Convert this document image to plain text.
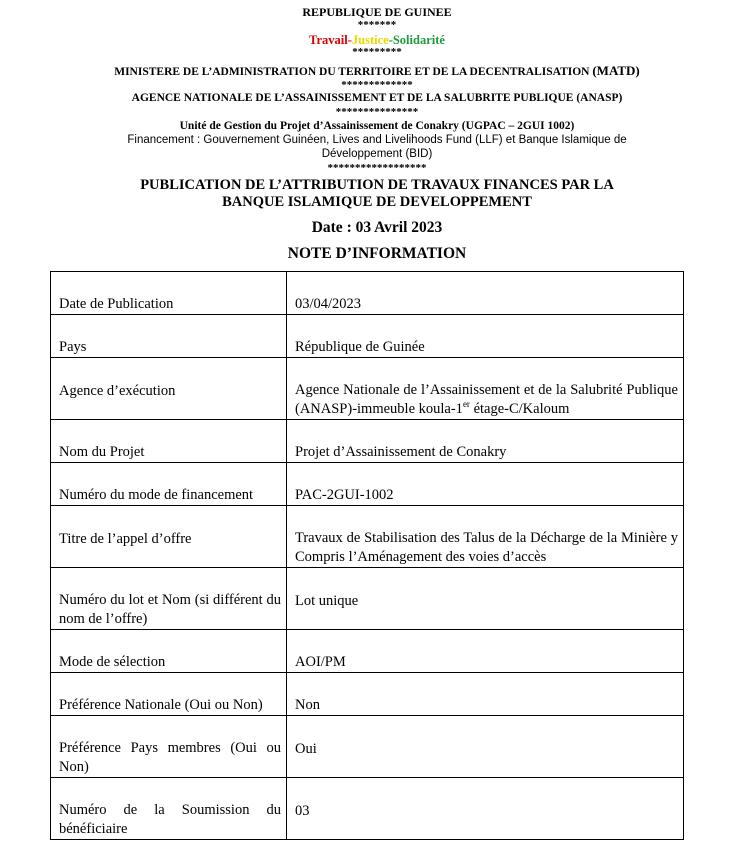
REPUBLIQUE DE GUINEE
*******
Travail-Justice-Solidarité
*********
MINISTERE DE L’ADMINISTRATION DU TERRITOIRE ET DE LA DECENTRALISATION (MATD)
*************
AGENCE NATIONALE DE L’ASSAINISSEMENT ET DE LA SALUBRITE PUBLIQUE (ANASP)
***************
Unité de Gestion du Projet d’Assainissement de Conakry (UGPAC – 2GUI 1002)
Financement : Gouvernement Guinéen, Lives and Livelihoods Fund (LLF) et Banque Islamique de
Développement (BID)
******************
PUBLICATION DE L’ATTRIBUTION DE TRAVAUX FINANCES PAR LA
BANQUE ISLAMIQUE DE DEVELOPPEMENT
Date : 03 Avril 2023
NOTE D’INFORMATION
Date de Publication	03/04/2023
Pays	République de Guinée
Agence d’exécution	Agence Nationale de l’Assainissement et de la Salubrité Publique (ANASP)-immeuble koula-1er étage-C/Kaloum
Nom du Projet	Projet d’Assainissement de Conakry
Numéro du mode de financement	PAC-2GUI-1002
Titre de l’appel d’offre	Travaux de Stabilisation des Talus de la Décharge de la Minière y Compris l’Aménagement des voies d’accès
Numéro du lot et Nom (si différent du nom de l’offre)	Lot unique
Mode de sélection	AOI/PM
Préférence Nationale (Oui ou Non)	Non
Préférence Pays membres (Oui ou Non)	Oui
Numéro de la Soumission du bénéficiaire	03
